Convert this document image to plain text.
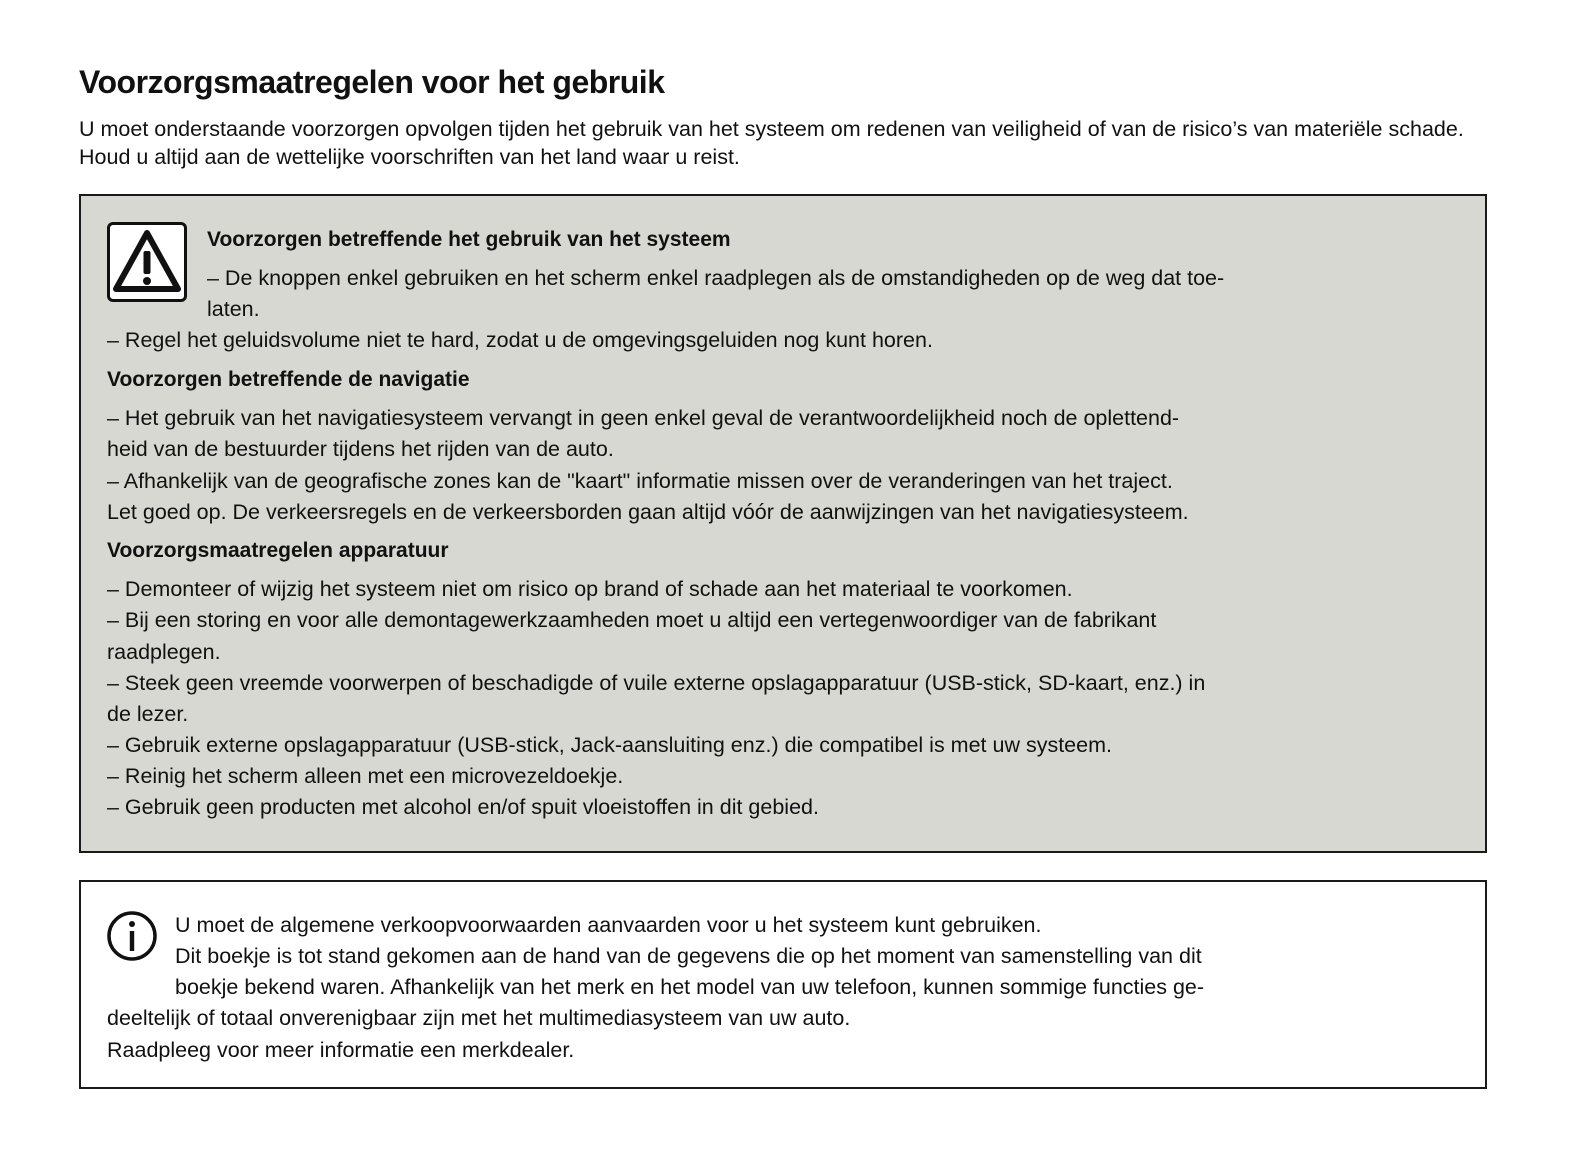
Voorzorgsmaatregelen voor het gebruik

U moet onderstaande voorzorgen opvolgen tijden het gebruik van het systeem om redenen van veiligheid of van de risico’s van materiële schade. Houd u altijd aan de wettelijke voorschriften van het land waar u reist.

Voorzorgen betreffende het gebruik van het systeem

– De knoppen enkel gebruiken en het scherm enkel raadplegen als de omstandigheden op de weg dat toe-

laten.

– Regel het geluidsvolume niet te hard, zodat u de omgevingsgeluiden nog kunt horen.

Voorzorgen betreffende de navigatie

– Het gebruik van het navigatiesysteem vervangt in geen enkel geval de verantwoordelijkheid noch de oplettend-

heid van de bestuurder tijdens het rijden van de auto.

– Afhankelijk van de geografische zones kan de "kaart" informatie missen over de veranderingen van het traject.

Let goed op. De verkeersregels en de verkeersborden gaan altijd vóór de aanwijzingen van het navigatiesysteem.

Voorzorgsmaatregelen apparatuur

– Demonteer of wijzig het systeem niet om risico op brand of schade aan het materiaal te voorkomen.

– Bij een storing en voor alle demontagewerkzaamheden moet u altijd een vertegenwoordiger van de fabrikant

raadplegen.

– Steek geen vreemde voorwerpen of beschadigde of vuile externe opslagapparatuur (USB-stick, SD-kaart, enz.) in

de lezer.

– Gebruik externe opslagapparatuur (USB-stick, Jack-aansluiting enz.) die compatibel is met uw systeem.

– Reinig het scherm alleen met een microvezeldoekje.

– Gebruik geen producten met alcohol en/of spuit vloeistoffen in dit gebied.

U moet de algemene verkoopvoorwaarden aanvaarden voor u het systeem kunt gebruiken.

Dit boekje is tot stand gekomen aan de hand van de gegevens die op het moment van samenstelling van dit

boekje bekend waren. Afhankelijk van het merk en het model van uw telefoon, kunnen sommige functies ge-

deeltelijk of totaal onverenigbaar zijn met het multimediasysteem van uw auto.

Raadpleeg voor meer informatie een merkdealer.
